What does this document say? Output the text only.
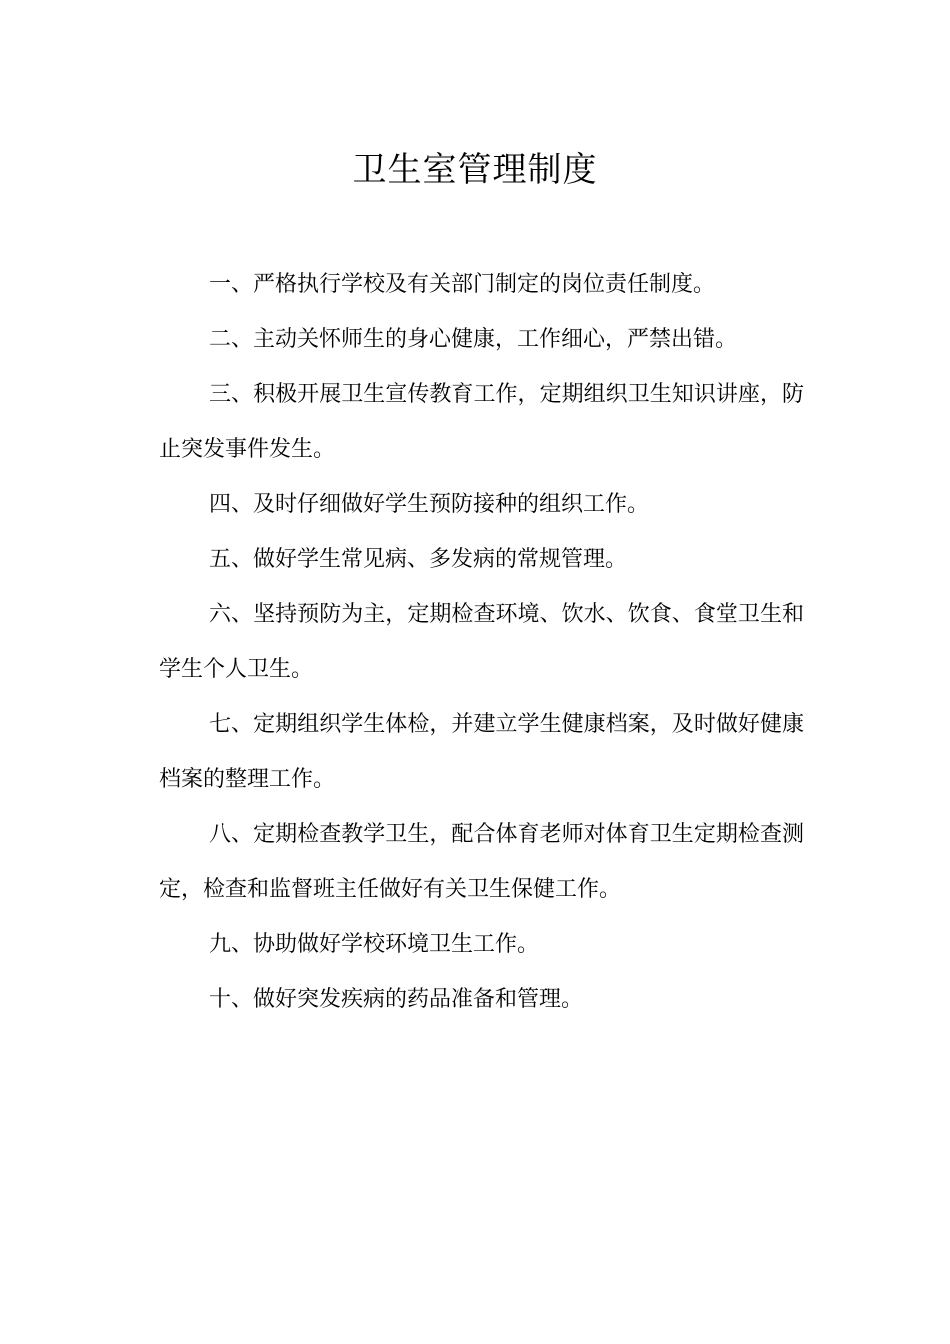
卫生室管理制度

一、严格执行学校及有关部门制定的岗位责任制度。

二、主动关怀师生的身心健康，工作细心，严禁出错。

三、积极开展卫生宣传教育工作，定期组织卫生知识讲座，防止突发事件发生。

四、及时仔细做好学生预防接种的组织工作。

五、做好学生常见病、多发病的常规管理。

六、坚持预防为主，定期检查环境、饮水、饮食、食堂卫生和学生个人卫生。

七、定期组织学生体检，并建立学生健康档案，及时做好健康档案的整理工作。

八、定期检查教学卫生，配合体育老师对体育卫生定期检查测定，检查和监督班主任做好有关卫生保健工作。

九、协助做好学校环境卫生工作。

十、做好突发疾病的药品准备和管理。
